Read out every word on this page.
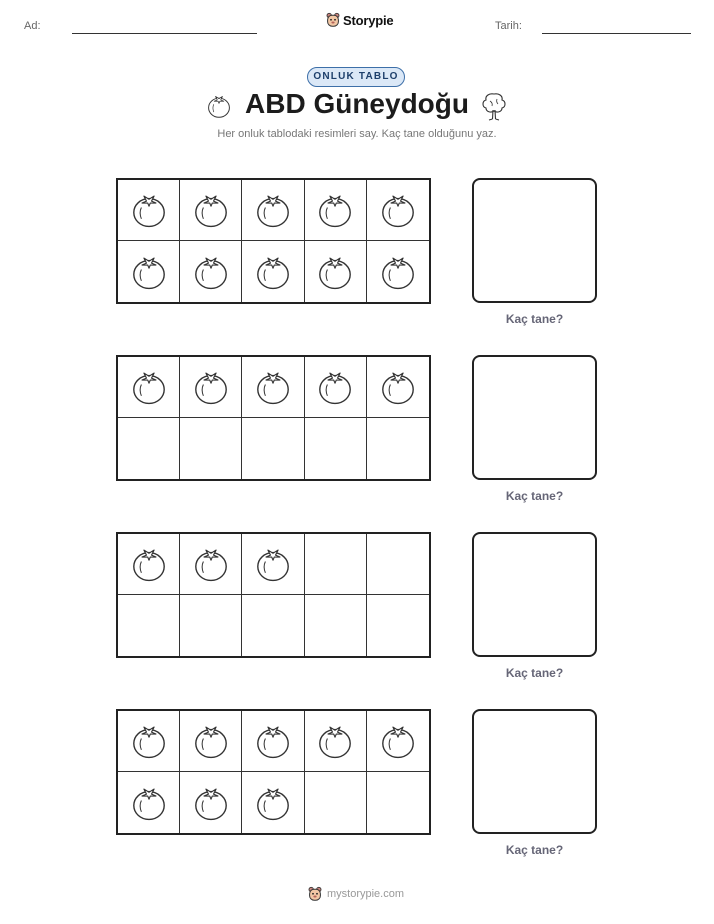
Ad:	Storypie	Tarih:
ONLUK TABLO
ABD Güneydoğu
Her onluk tablodaki resimleri say. Kaç tane olduğunu yaz.
Kaç tane?
Kaç tane?
Kaç tane?
Kaç tane?
mystorypie.com
